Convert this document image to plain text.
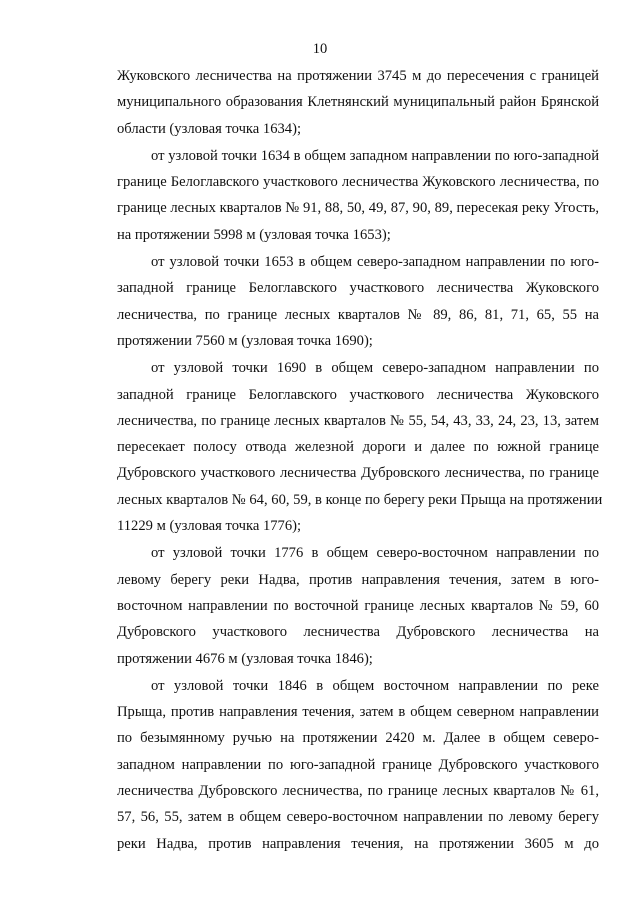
10
Жуковского лесничества на протяжении 3745 м до пересечения с границей
муниципального образования Клетнянский муниципальный район Брянской
области (узловая точка 1634);
от узловой точки 1634 в общем западном направлении по юго-западной
границе Белоглавского участкового лесничества Жуковского лесничества, по
границе лесных кварталов № 91, 88, 50, 49, 87, 90, 89, пересекая реку Угость,
на протяжении 5998 м (узловая точка 1653);
от узловой точки 1653 в общем северо-западном направлении по юго-
западной границе Белоглавского участкового лесничества Жуковского
лесничества, по границе лесных кварталов № 89, 86, 81, 71, 65, 55 на
протяжении 7560 м (узловая точка 1690);
от узловой точки 1690 в общем северо-западном направлении по
западной границе Белоглавского участкового лесничества Жуковского
лесничества, по границе лесных кварталов № 55, 54, 43, 33, 24, 23, 13, затем
пересекает полосу отвода железной дороги и далее по южной границе
Дубровского участкового лесничества Дубровского лесничества, по границе
лесных кварталов № 64, 60, 59, в конце по берегу реки Прыща на протяжении
11229 м (узловая точка 1776);
от узловой точки 1776 в общем северо-восточном направлении по
левому берегу реки Надва, против направления течения, затем в юго-
восточном направлении по восточной границе лесных кварталов № 59, 60
Дубровского участкового лесничества Дубровского лесничества на
протяжении 4676 м (узловая точка 1846);
от узловой точки 1846 в общем восточном направлении по реке
Прыща, против направления течения, затем в общем северном направлении
по безымянному ручью на протяжении 2420 м. Далее в общем северо-
западном направлении по юго-западной границе Дубровского участкового
лесничества Дубровского лесничества, по границе лесных кварталов № 61,
57, 56, 55, затем в общем северо-восточном направлении по левому берегу
реки Надва, против направления течения, на протяжении 3605 м до
